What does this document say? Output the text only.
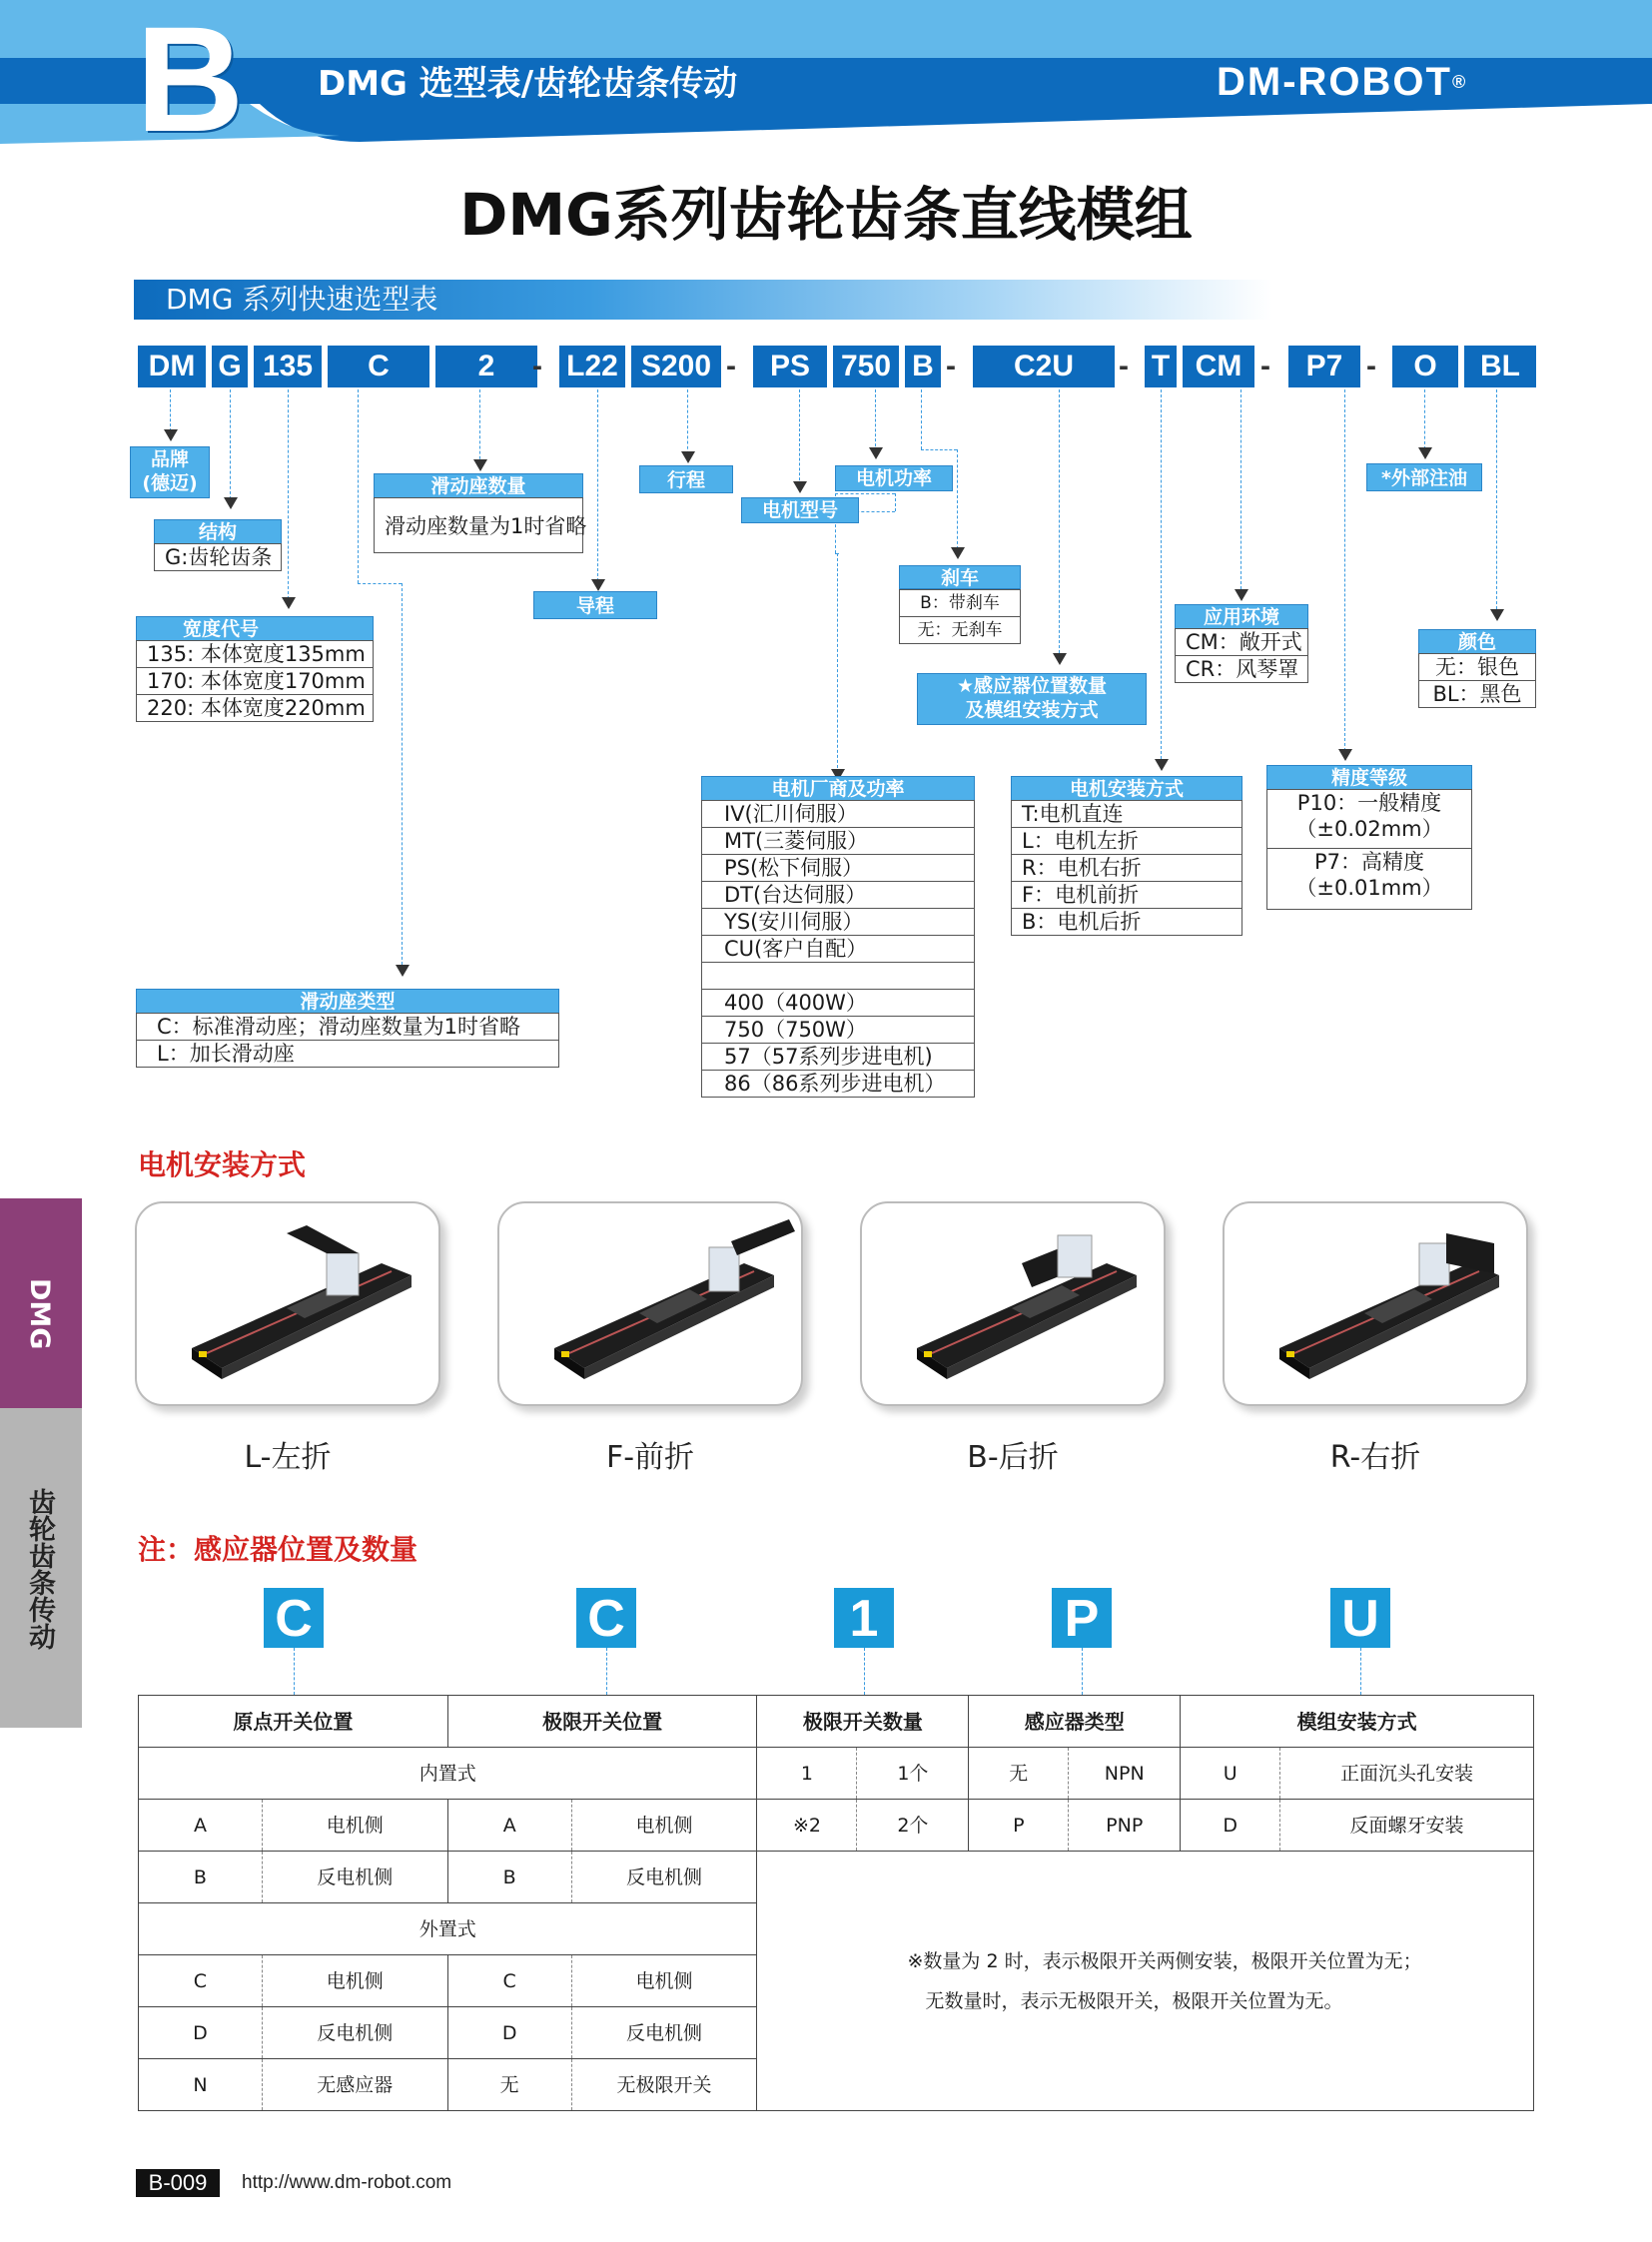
B	DMG 选型表/齿轮齿条传动	DM-ROBOT®
DMG系列齿轮齿条直线模组
DMG 系列快速选型表
DM G 135	C	2	- L22 S200 -	PS	750 B -	C2U	- T CM -	P7 -	O	BL
品牌
(德迈)
结构
G:齿轮齿条
宽度代号
135: 本体宽度135mm
170: 本体宽度170mm
220: 本体宽度220mm
滑动座数量
滑动座数量为1时省略
导程
行程
电机型号
电机功率
刹车
B：带刹车
无：无刹车
★感应器位置数量
及模组安装方式
应用环境
CM：敞开式
CR：风琴罩
*外部注油
颜色
无：银色
BL：黑色
精度等级
P10：一般精度
（±0.02mm）
P7：高精度
（±0.01mm）
电机厂商及功率
IV(汇川伺服）
MT(三菱伺服）
PS(松下伺服）
DT(台达伺服）
YS(安川伺服）
CU(客户自配）
400（400W）
750（750W）
57（57系列步进电机)
86（86系列步进电机）
电机安装方式
T:电机直连
L：电机左折
R：电机右折
F：电机前折
B：电机后折
滑动座类型
C：标准滑动座；滑动座数量为1时省略
L：加长滑动座
电机安装方式
L-左折	F-前折	B-后折	R-右折
DMG
齿轮齿条传动	注：感应器位置及数量
C	C	1	P	U
原点开关位置		极限开关位置		极限开关数量		感应器类型		模组安装方式	
内置式				1	1个	无	NPN	U	正面沉头孔安装
A	电机侧	A	电机侧	※2	2个	P	PNP	D	反面螺牙安装
B	反电机侧	B	反电机侧	※数量为 2 时，表示极限开关两侧安装，极限开关位置为无；
无数量时，表示无极限开关，极限开关位置为无。					

外置式									
C	电机侧	C	电机侧						
D	反电机侧	D	反电机侧						
N	无感应器	无	无极限开关						
B-009	http://www.dm-robot.com
